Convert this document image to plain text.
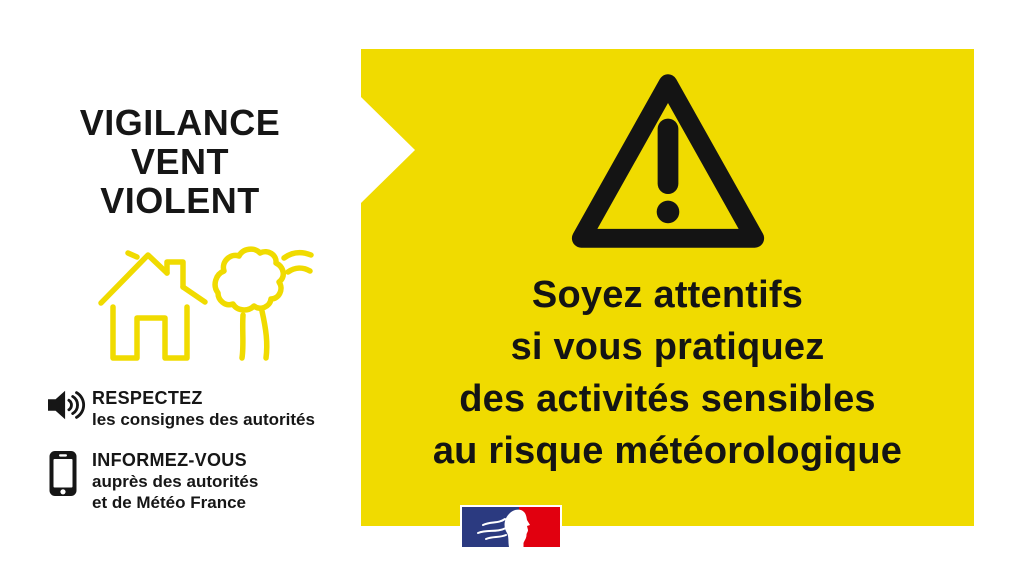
VIGILANCE
VENT
VIOLENT
RESPECTEZ
les consignes des autorités
INFORMEZ-VOUS
auprès des autorités
et de Météo France
Soyez attentifs
si vous pratiquez
des activités sensibles
au risque météorologique
